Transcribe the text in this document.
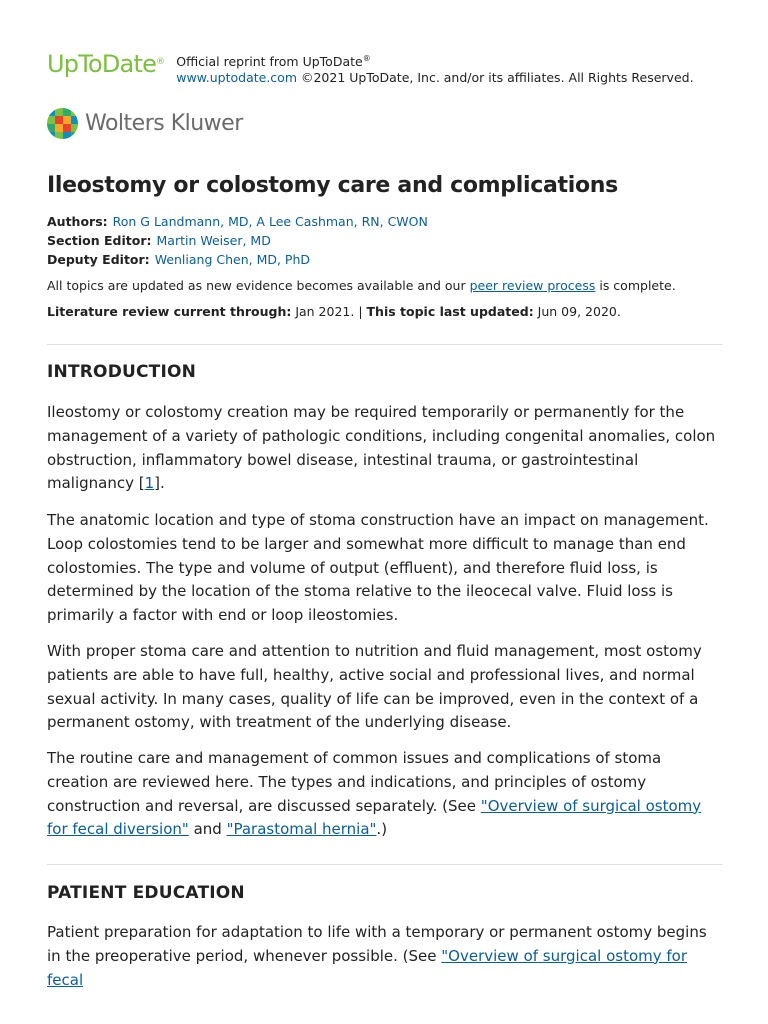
UpToDate® Official reprint from UpToDate®
www.uptodate.com ©2021 UpToDate, Inc. and/or its affiliates. All Rights Reserved.
Wolters Kluwer
Ileostomy or colostomy care and complications
Authors: Ron G Landmann, MD, A Lee Cashman, RN, CWON
Section Editor: Martin Weiser, MD
Deputy Editor: Wenliang Chen, MD, PhD
All topics are updated as new evidence becomes available and our peer review process is complete.
Literature review current through: Jan 2021. | This topic last updated: Jun 09, 2020.
INTRODUCTION

Ileostomy or colostomy creation may be required temporarily or permanently for the management of a variety of pathologic conditions, including congenital anomalies, colon obstruction, inflammatory bowel disease, intestinal trauma, or gastrointestinal malignancy [1].

The anatomic location and type of stoma construction have an impact on management. Loop colostomies tend to be larger and somewhat more difficult to manage than end colostomies. The type and volume of output (effluent), and therefore fluid loss, is determined by the location of the stoma relative to the ileocecal valve. Fluid loss is primarily a factor with end or loop ileostomies.

With proper stoma care and attention to nutrition and fluid management, most ostomy patients are able to have full, healthy, active social and professional lives, and normal sexual activity. In many cases, quality of life can be improved, even in the context of a permanent ostomy, with treatment of the underlying disease.

The routine care and management of common issues and complications of stoma creation are reviewed here. The types and indications, and principles of ostomy construction and reversal, are discussed separately. (See "Overview of surgical ostomy for fecal diversion" and "Parastomal hernia".)

PATIENT EDUCATION

Patient preparation for adaptation to life with a temporary or permanent ostomy begins in the preoperative period, whenever possible. (See "Overview of surgical ostomy for fecal
